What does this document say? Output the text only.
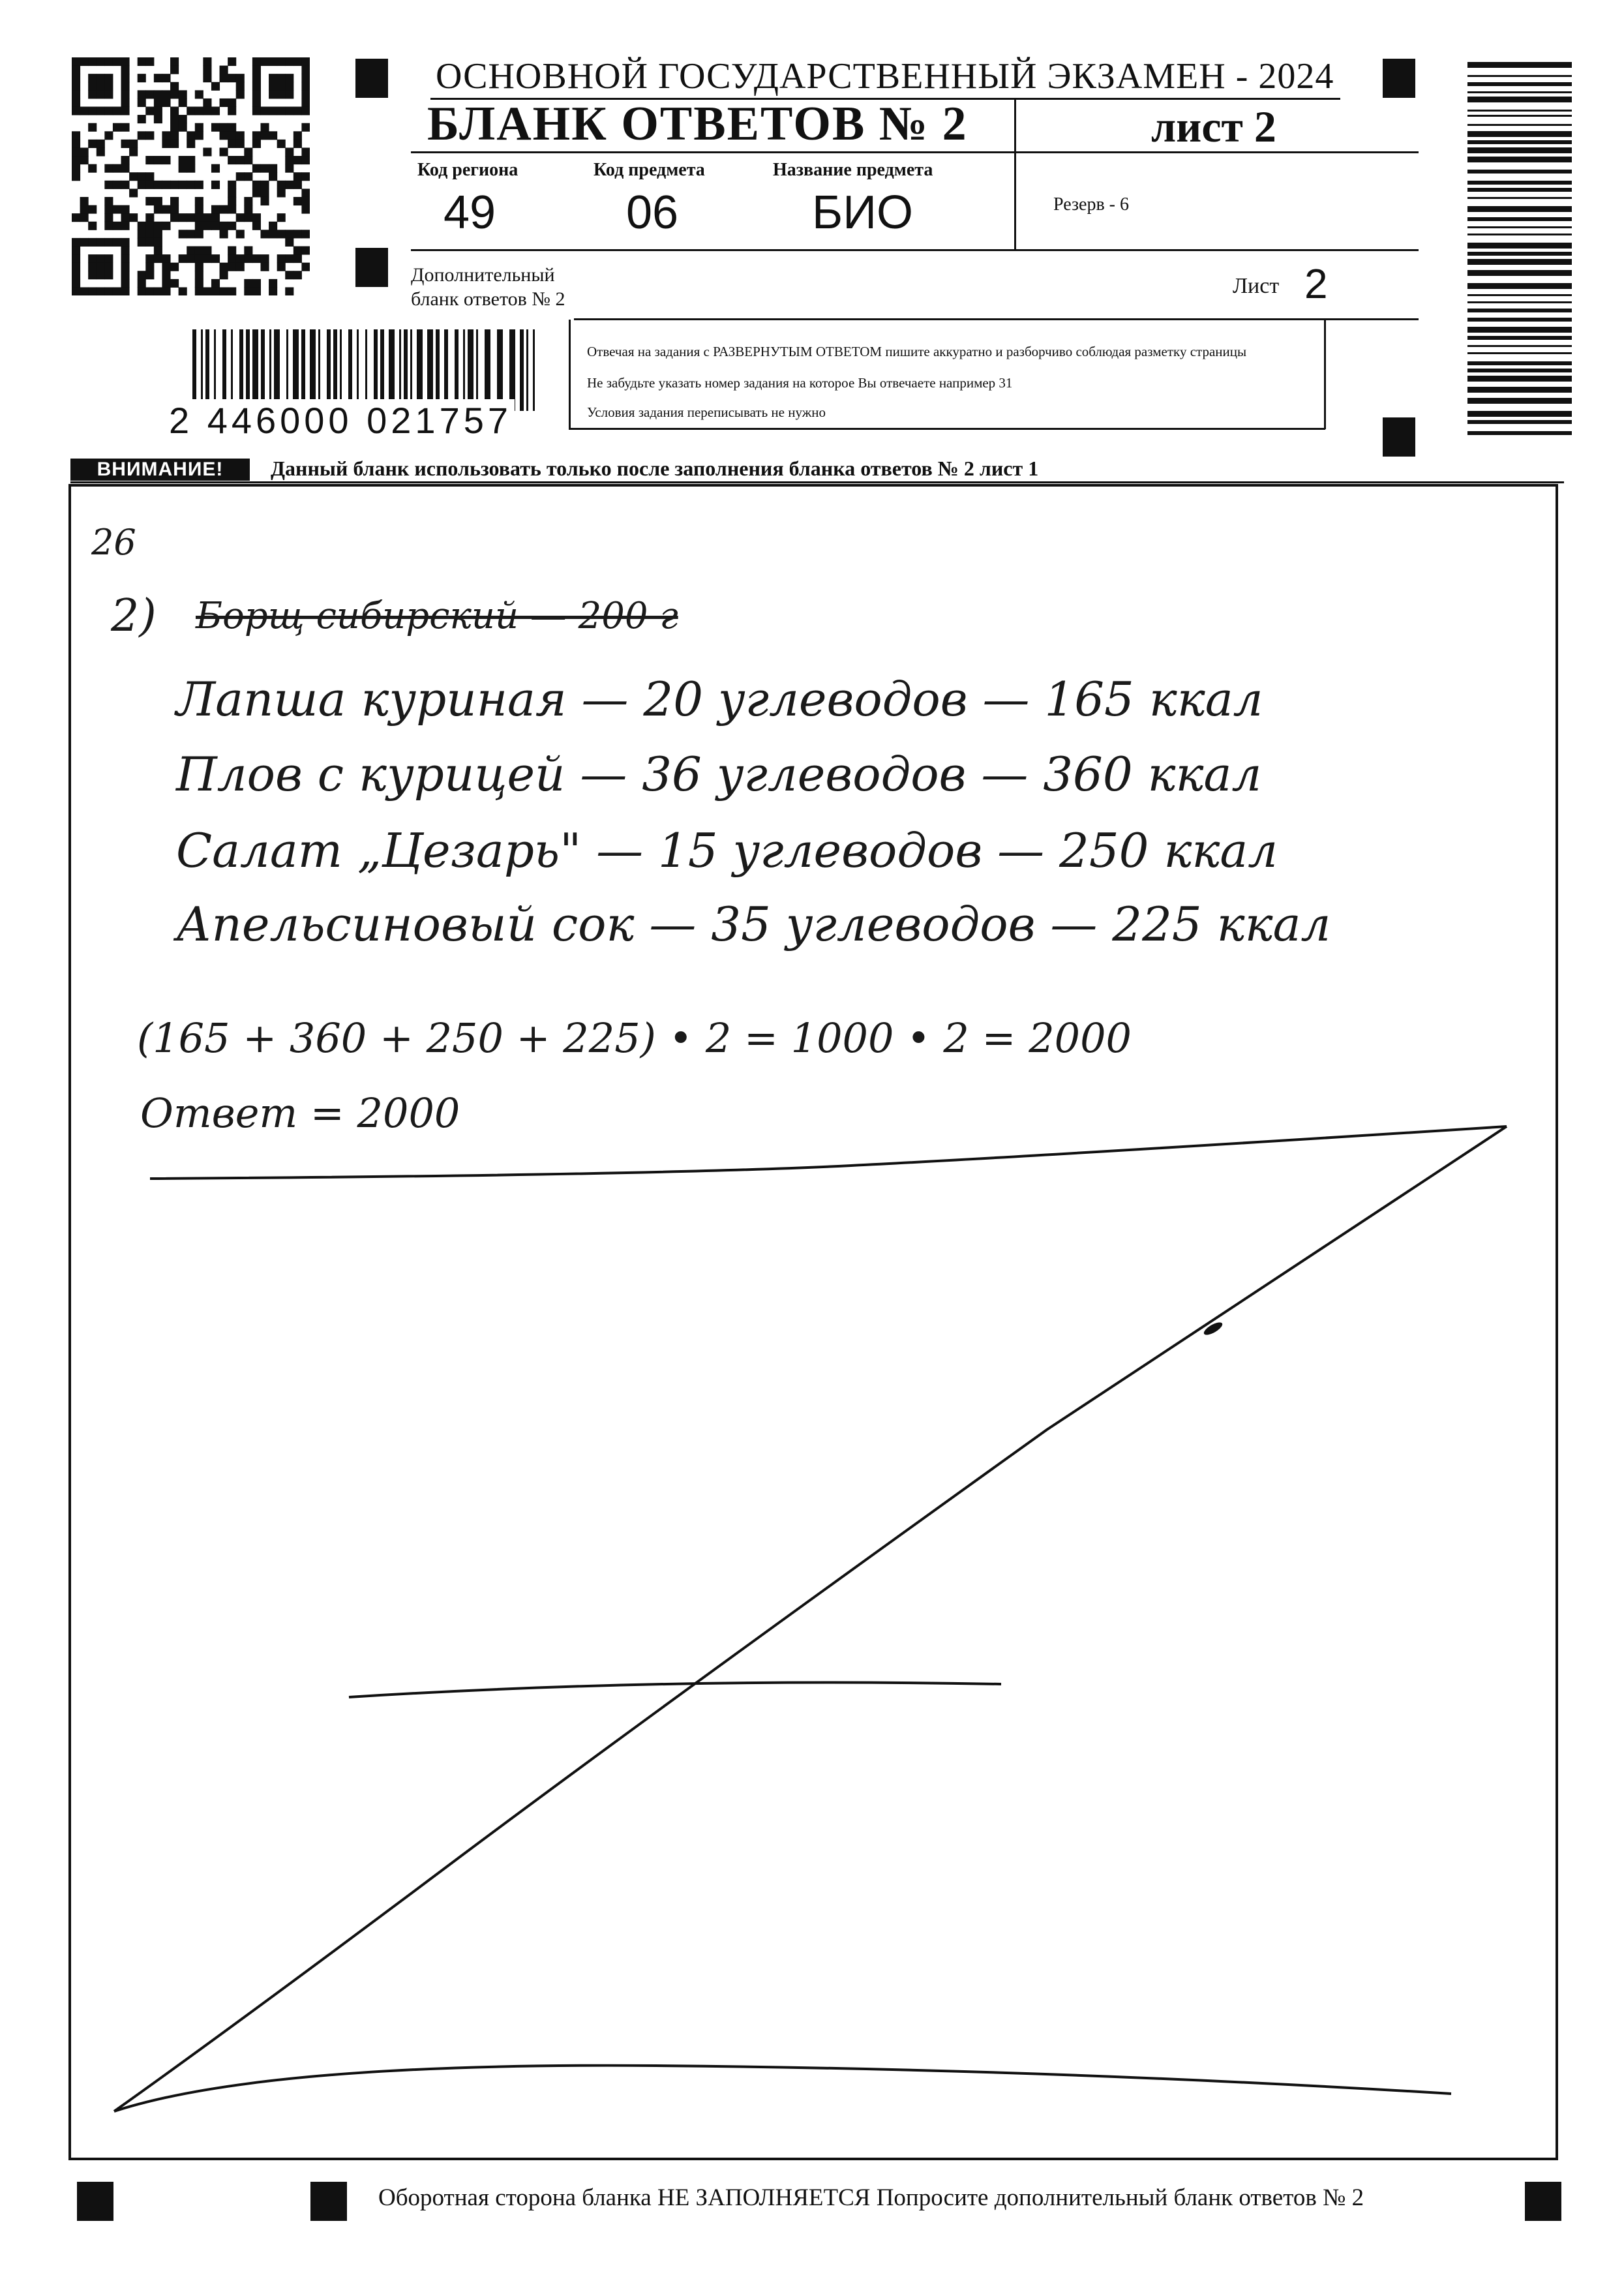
ОСНОВНОЙ ГОСУДАРСТВЕННЫЙ ЭКЗАМЕН - 2024
БЛАНК ОТВЕТОВ № 2	лист 2
Код региона
49
Код предмета
06
Название предмета
БИО	Резерв - 6
Дополнительный
бланк ответов № 2
Лист 2
2 446000 021757
Отвечая на задания с РАЗВЕРНУТЫМ ОТВЕТОМ пишите аккуратно и разборчиво соблюдая разметку страницы
Не забудьте указать номер задания на которое Вы отвечаете например 31
Условия задания переписывать не нужно
ВНИМАНИЕ!	Данный бланк использовать только после заполнения бланка ответов № 2 лист 1
26
2) Борщ сибирский — 200 г
Лапша куриная — 20 углеводов — 165 ккал
Плов с курицей — 36 углеводов — 360 ккал
Салат „Цезарь" — 15 углеводов — 250 ккал
Апельсиновый сок — 35 углеводов — 225 ккал
(165 + 360 + 250 + 225) • 2 = 1000 • 2 = 2000
Ответ = 2000
Оборотная сторона бланка НЕ ЗАПОЛНЯЕТСЯ Попросите дополнительный бланк ответов № 2
